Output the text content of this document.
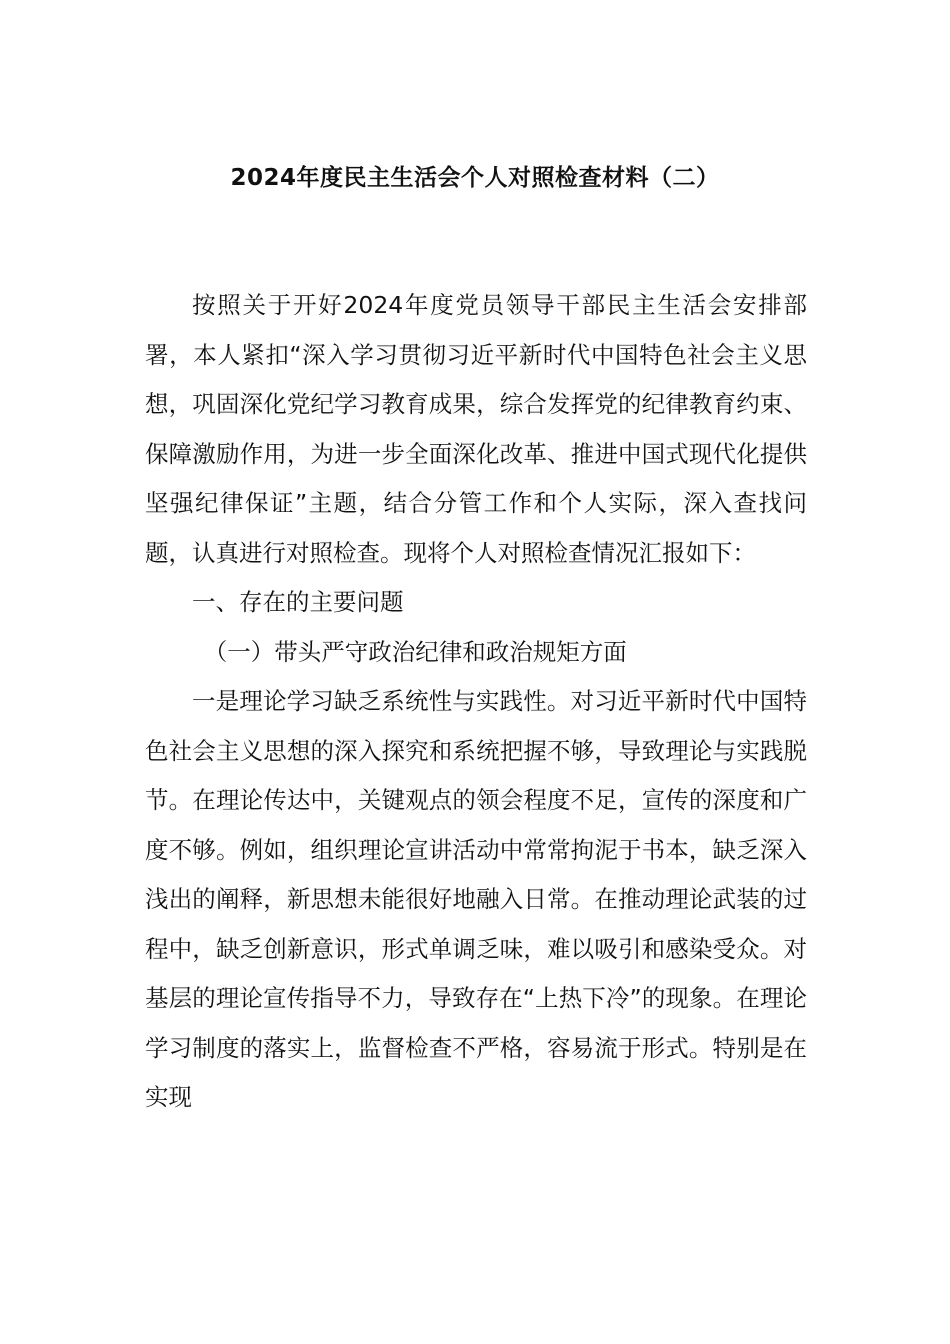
2024年度民主生活会个人对照检查材料（二）

按照关于开好2024年度党员领导干部民主生活会安排部署，本人紧扣“深入学习贯彻习近平新时代中国特色社会主义思想，巩固深化党纪学习教育成果，综合发挥党的纪律教育约束、保障激励作用，为进一步全面深化改革、推进中国式现代化提供坚强纪律保证”主题，结合分管工作和个人实际，深入查找问题，认真进行对照检查。现将个人对照检查情况汇报如下：

一、存在的主要问题

（一）带头严守政治纪律和政治规矩方面

一是理论学习缺乏系统性与实践性。对习近平新时代中国特色社会主义思想的深入探究和系统把握不够，导致理论与实践脱节。在理论传达中，关键观点的领会程度不足，宣传的深度和广度不够。例如，组织理论宣讲活动中常常拘泥于书本，缺乏深入浅出的阐释，新思想未能很好地融入日常。在推动理论武装的过程中，缺乏创新意识，形式单调乏味，难以吸引和感染受众。对基层的理论宣传指导不力，导致存在“上热下冷”的现象。在理论学习制度的落实上，监督检查不严格，容易流于形式。特别是在实现
